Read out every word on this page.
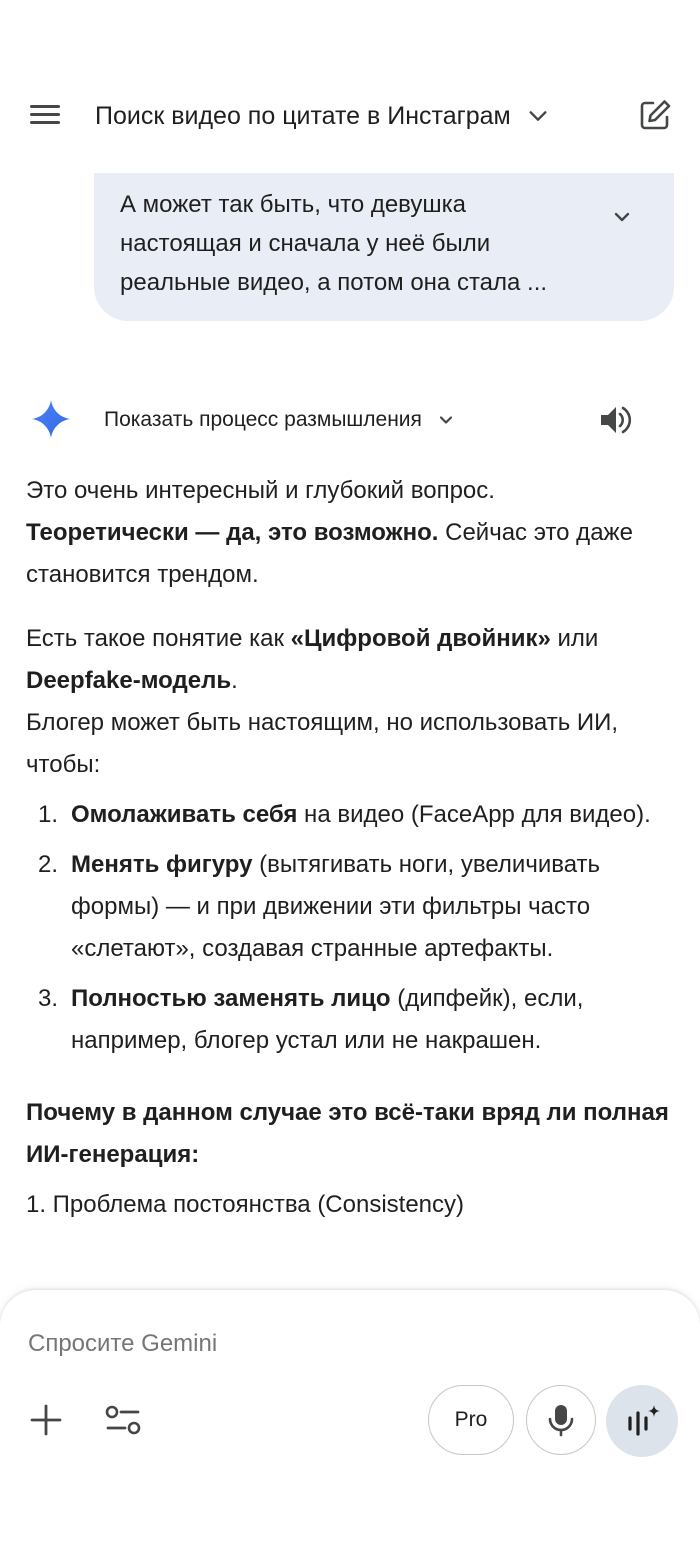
Поиск видео по цитате в Инстаграм
А может так быть, что девушка
настоящая и сначала у неё были
реальные видео, а потом она стала ...
Показать процесс размышления

Это очень интересный и глубокий вопрос.
Теоретически — да, это возможно. Сейчас это даже становится трендом.

Есть такое понятие как «Цифровой двойник» или
Deepfake-модель.
Блогер может быть настоящим, но использовать ИИ, чтобы:

1. Омолаживать себя на видео (FaceApp для видео).
2. Менять фигуру (вытягивать ноги, увеличивать формы) — и при движении эти фильтры часто «слетают», создавая странные артефакты.
3. Полностью заменять лицо (дипфейк), если, например, блогер устал или не накрашен.

Почему в данном случае это всё-таки вряд ли полная ИИ-генерация:

1. Проблема постоянства (Consistency)

Спросите Gemini
Pro
